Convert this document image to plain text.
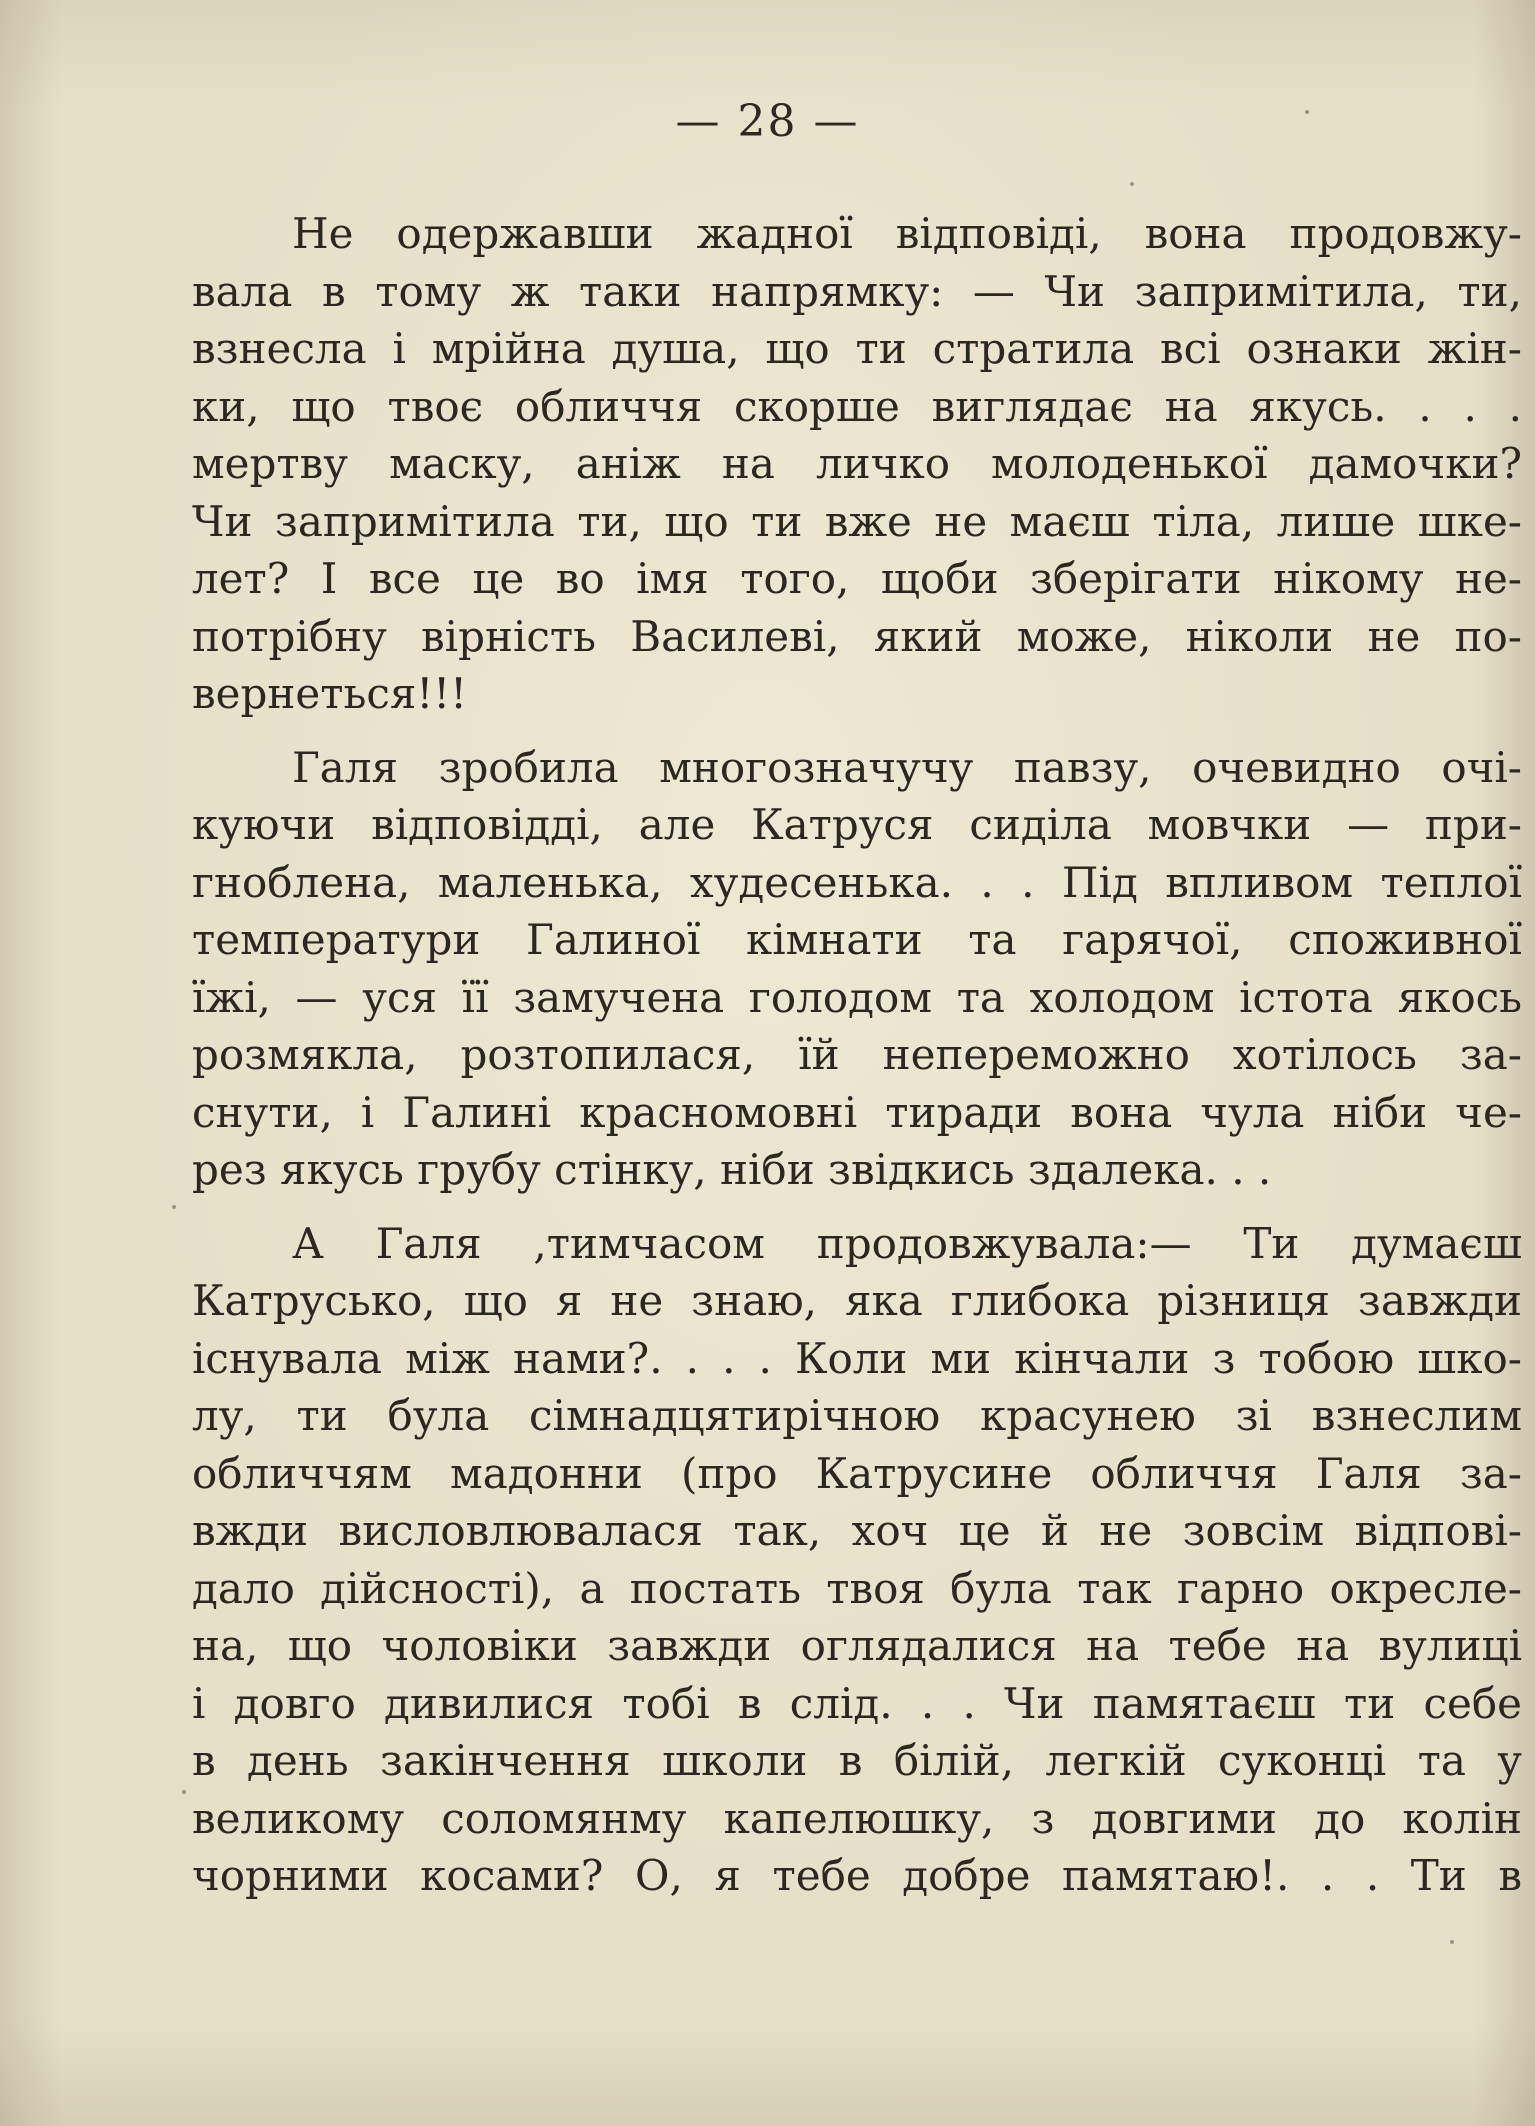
— 28 —

Не одержавши жадної відповіді, вона продовжу-
вала в тому ж таки напрямку: — Чи запримітила, ти,
взнесла і мрійна душа, що ти стратила всі ознаки жін-
ки, що твоє обличчя скорше виглядає на якусь. . . .
мертву маску, аніж на личко молоденької дамочки?
Чи запримітила ти, що ти вже не маєш тіла, лише шке-
лет? І все це во імя того, щоби зберігати нікому не-
потрібну вірність Василеві, який може, ніколи не по-
вернеться!!!

Галя зробила многозначучу павзу, очевидно очі-
куючи відповідді, але Катруся сиділа мовчки — при-
гноблена, маленька, худесенька. . . Під впливом теплої
температури Галиної кімнати та гарячої, споживної
їжі, — уся її замучена голодом та холодом істота якось
розмякла, розтопилася, їй непереможно хотілось за-
снути, і Галині красномовні тиради вона чула ніби че-
рез якусь грубу стінку, ніби звідкись здалека. . .

А Галя ,тимчасом продовжувала:— Ти думаєш
Катрусько, що я не знаю, яка глибока різниця завжди
існувала між нами?. . . . Коли ми кінчали з тобою шко-
лу, ти була сімнадцятирічною красунею зі взнеслим
обличчям мадонни (про Катрусине обличчя Галя за-
вжди висловлювалася так, хоч це й не зовсім відпові-
дало дійсності), а постать твоя була так гарно окресле-
на, що чоловіки завжди оглядалися на тебе на вулиці
і довго дивилися тобі в слід. . . Чи памятаєш ти себе
в день закінчення школи в білій, легкій суконці та у
великому соломянму капелюшку, з довгими до колін
чорними косами? О, я тебе добре памятаю!. . . Ти в
